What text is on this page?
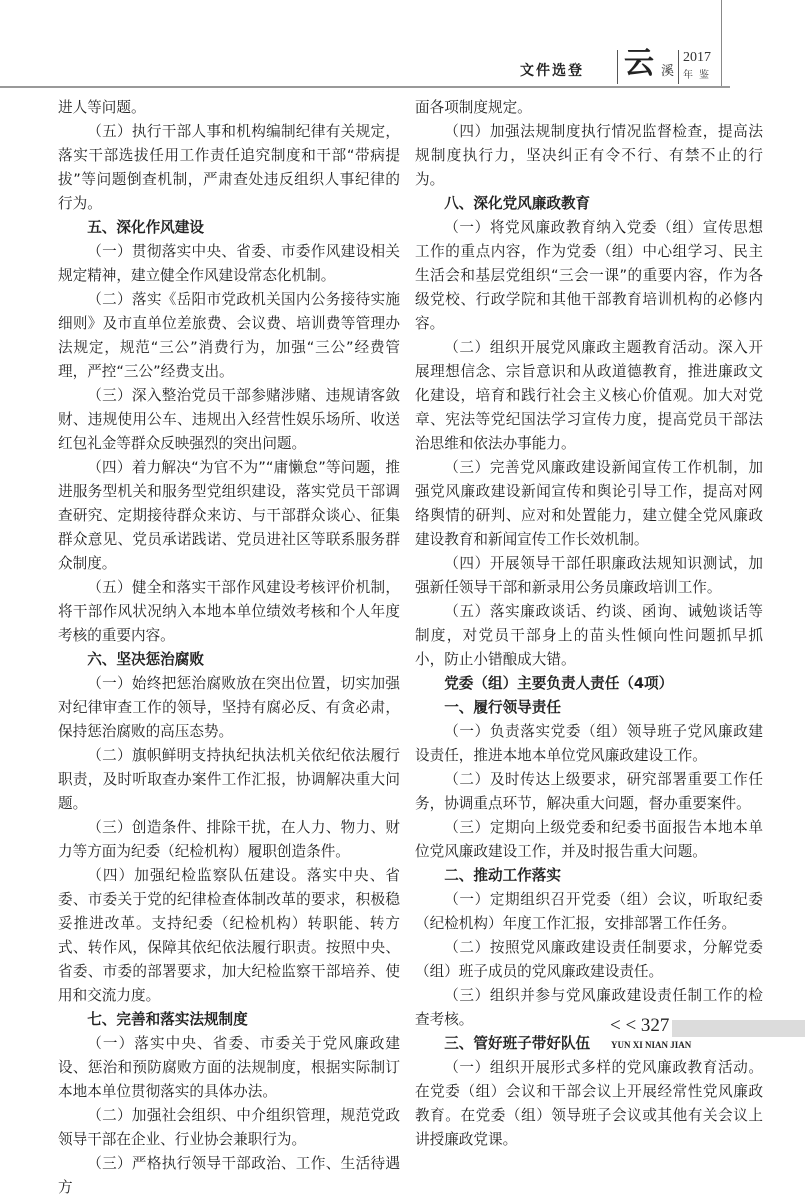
文件选登 云 溪
2017
年鉴

进人等问题。

（五）执行干部人事和机构编制纪律有关规定，落实干部选拔任用工作责任追究制度和干部“带病提拔”等问题倒查机制，严肃查处违反组织人事纪律的行为。

五、深化作风建设

（一）贯彻落实中央、省委、市委作风建设相关规定精神，建立健全作风建设常态化机制。

（二）落实《岳阳市党政机关国内公务接待实施细则》及市直单位差旅费、会议费、培训费等管理办法规定，规范“三公”消费行为，加强“三公”经费管理，严控“三公”经费支出。

（三）深入整治党员干部参赌涉赌、违规请客敛财、违规使用公车、违规出入经营性娱乐场所、收送红包礼金等群众反映强烈的突出问题。

（四）着力解决“为官不为”“庸懒怠”等问题，推进服务型机关和服务型党组织建设，落实党员干部调查研究、定期接待群众来访、与干部群众谈心、征集群众意见、党员承诺践诺、党员进社区等联系服务群众制度。

（五）健全和落实干部作风建设考核评价机制，将干部作风状况纳入本地本单位绩效考核和个人年度考核的重要内容。

六、坚决惩治腐败

（一）始终把惩治腐败放在突出位置，切实加强对纪律审查工作的领导，坚持有腐必反、有贪必肃，保持惩治腐败的高压态势。

（二）旗帜鲜明支持执纪执法机关依纪依法履行职责，及时听取查办案件工作汇报，协调解决重大问题。

（三）创造条件、排除干扰，在人力、物力、财力等方面为纪委（纪检机构）履职创造条件。

（四）加强纪检监察队伍建设。落实中央、省委、市委关于党的纪律检查体制改革的要求，积极稳妥推进改革。支持纪委（纪检机构）转职能、转方式、转作风，保障其依纪依法履行职责。按照中央、省委、市委的部署要求，加大纪检监察干部培养、使用和交流力度。

七、完善和落实法规制度

（一）落实中央、省委、市委关于党风廉政建设、惩治和预防腐败方面的法规制度，根据实际制订本地本单位贯彻落实的具体办法。

（二）加强社会组织、中介组织管理，规范党政领导干部在企业、行业协会兼职行为。

（三）严格执行领导干部政治、工作、生活待遇方

面各项制度规定。

（四）加强法规制度执行情况监督检查，提高法规制度执行力，坚决纠正有令不行、有禁不止的行为。

八、深化党风廉政教育

（一）将党风廉政教育纳入党委（组）宣传思想工作的重点内容，作为党委（组）中心组学习、民主生活会和基层党组织“三会一课”的重要内容，作为各级党校、行政学院和其他干部教育培训机构的必修内容。

（二）组织开展党风廉政主题教育活动。深入开展理想信念、宗旨意识和从政道德教育，推进廉政文化建设，培育和践行社会主义核心价值观。加大对党章、宪法等党纪国法学习宣传力度，提高党员干部法治思维和依法办事能力。

（三）完善党风廉政建设新闻宣传工作机制，加强党风廉政建设新闻宣传和舆论引导工作，提高对网络舆情的研判、应对和处置能力，建立健全党风廉政建设教育和新闻宣传工作长效机制。

（四）开展领导干部任职廉政法规知识测试，加强新任领导干部和新录用公务员廉政培训工作。

（五）落实廉政谈话、约谈、函询、诫勉谈话等制度，对党员干部身上的苗头性倾向性问题抓早抓小，防止小错酿成大错。

党委（组）主要负责人责任（4项）

一、履行领导责任

（一）负责落实党委（组）领导班子党风廉政建设责任，推进本地本单位党风廉政建设工作。

（二）及时传达上级要求，研究部署重要工作任务，协调重点环节，解决重大问题，督办重要案件。

（三）定期向上级党委和纪委书面报告本地本单位党风廉政建设工作，并及时报告重大问题。

二、推动工作落实

（一）定期组织召开党委（组）会议，听取纪委（纪检机构）年度工作汇报，安排部署工作任务。

（二）按照党风廉政建设责任制要求，分解党委（组）班子成员的党风廉政建设责任。

（三）组织并参与党风廉政建设责任制工作的检查考核。

三、管好班子带好队伍

（一）组织开展形式多样的党风廉政教育活动。在党委（组）会议和干部会议上开展经常性党风廉政教育。在党委（组）领导班子会议或其他有关会议上讲授廉政党课。

< < 327
YUN XI NIAN JIAN
